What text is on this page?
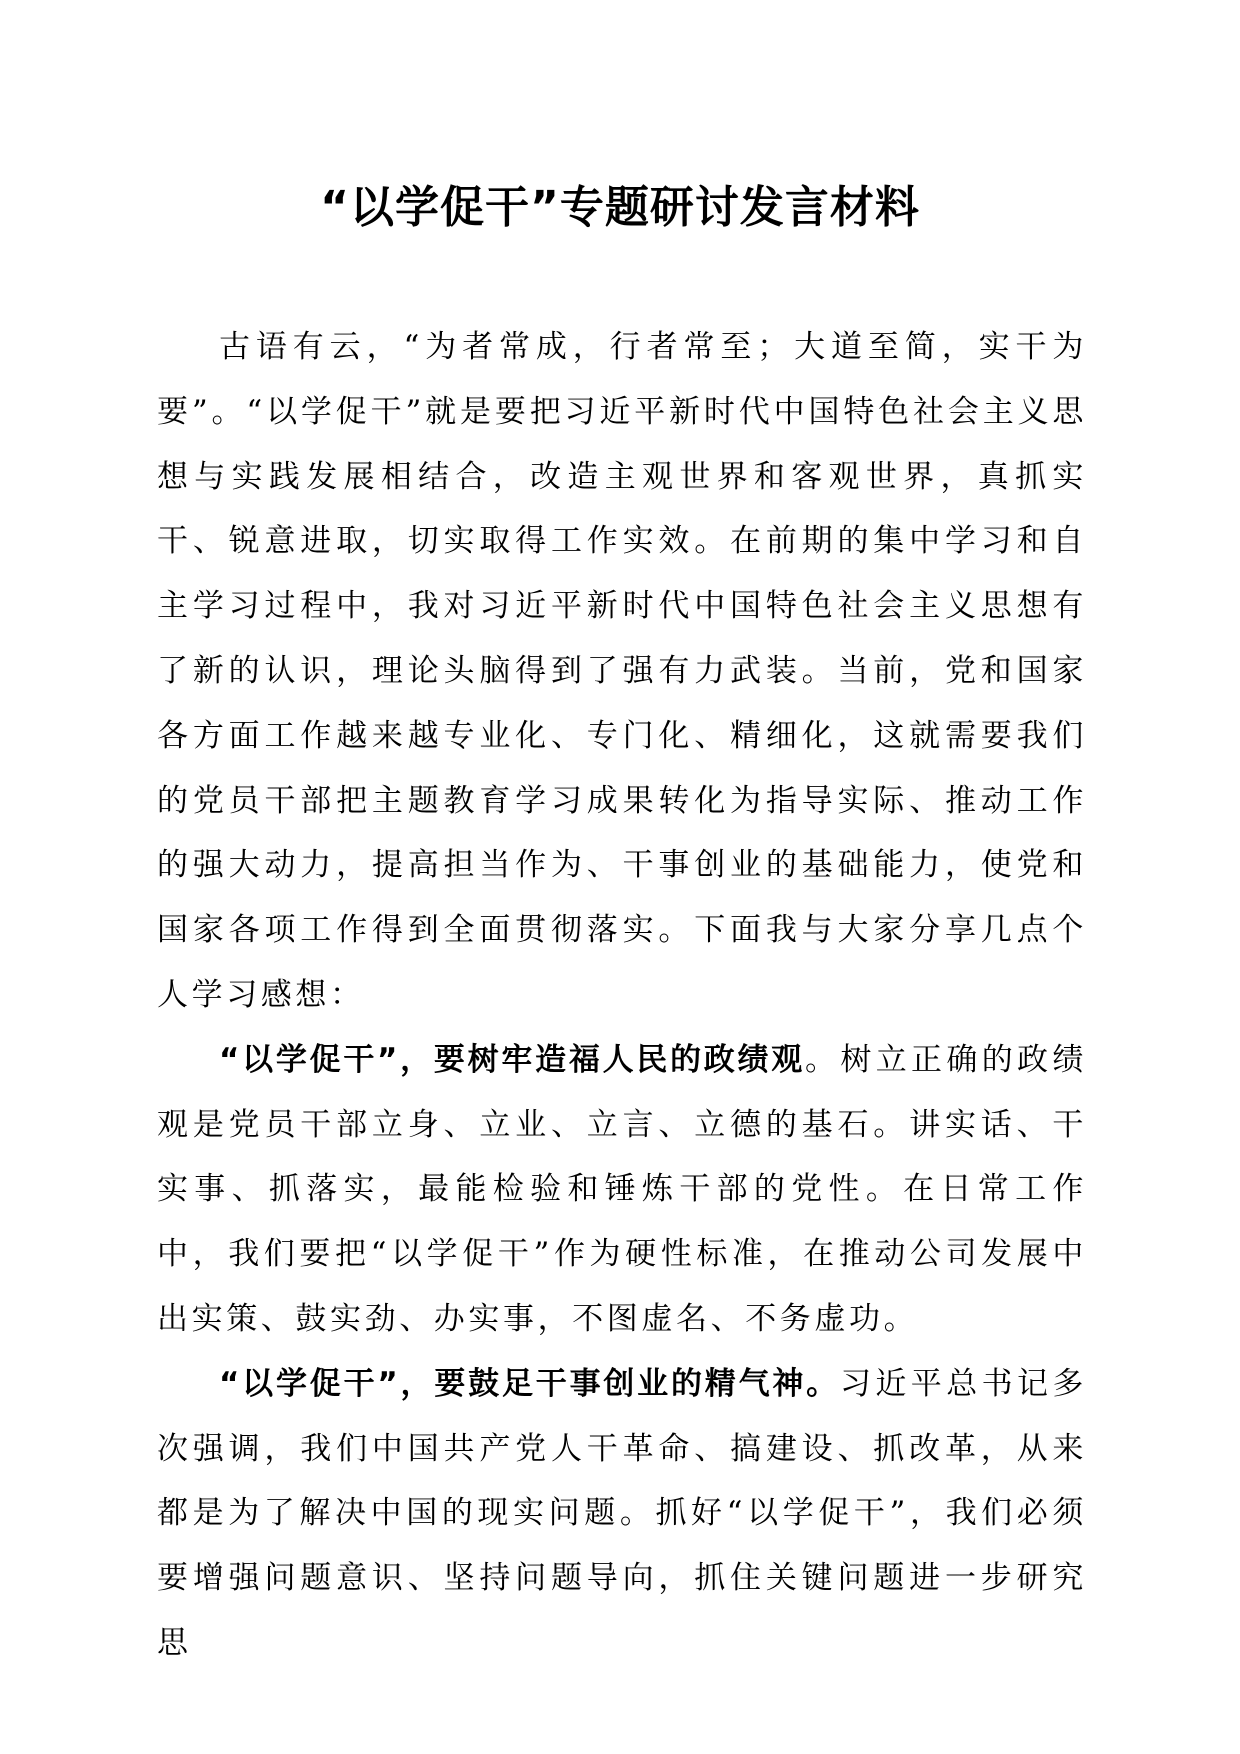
“以学促干”专题研讨发言材料

古语有云，“为者常成，行者常至；大道至简，实干为要”。“以学促干”就是要把习近平新时代中国特色社会主义思想与实践发展相结合，改造主观世界和客观世界，真抓实干、锐意进取，切实取得工作实效。在前期的集中学习和自主学习过程中，我对习近平新时代中国特色社会主义思想有了新的认识，理论头脑得到了强有力武装。当前，党和国家各方面工作越来越专业化、专门化、精细化，这就需要我们的党员干部把主题教育学习成果转化为指导实际、推动工作的强大动力，提高担当作为、干事创业的基础能力，使党和国家各项工作得到全面贯彻落实。下面我与大家分享几点个人学习感想：

“以学促干”，要树牢造福人民的政绩观。树立正确的政绩观是党员干部立身、立业、立言、立德的基石。讲实话、干实事、抓落实，最能检验和锤炼干部的党性。在日常工作中，我们要把“以学促干”作为硬性标准，在推动公司发展中出实策、鼓实劲、办实事，不图虚名、不务虚功。

“以学促干”，要鼓足干事创业的精气神。习近平总书记多次强调，我们中国共产党人干革命、搞建设、抓改革，从来都是为了解决中国的现实问题。抓好“以学促干”，我们必须要增强问题意识、坚持问题导向，抓住关键问题进一步研究思
